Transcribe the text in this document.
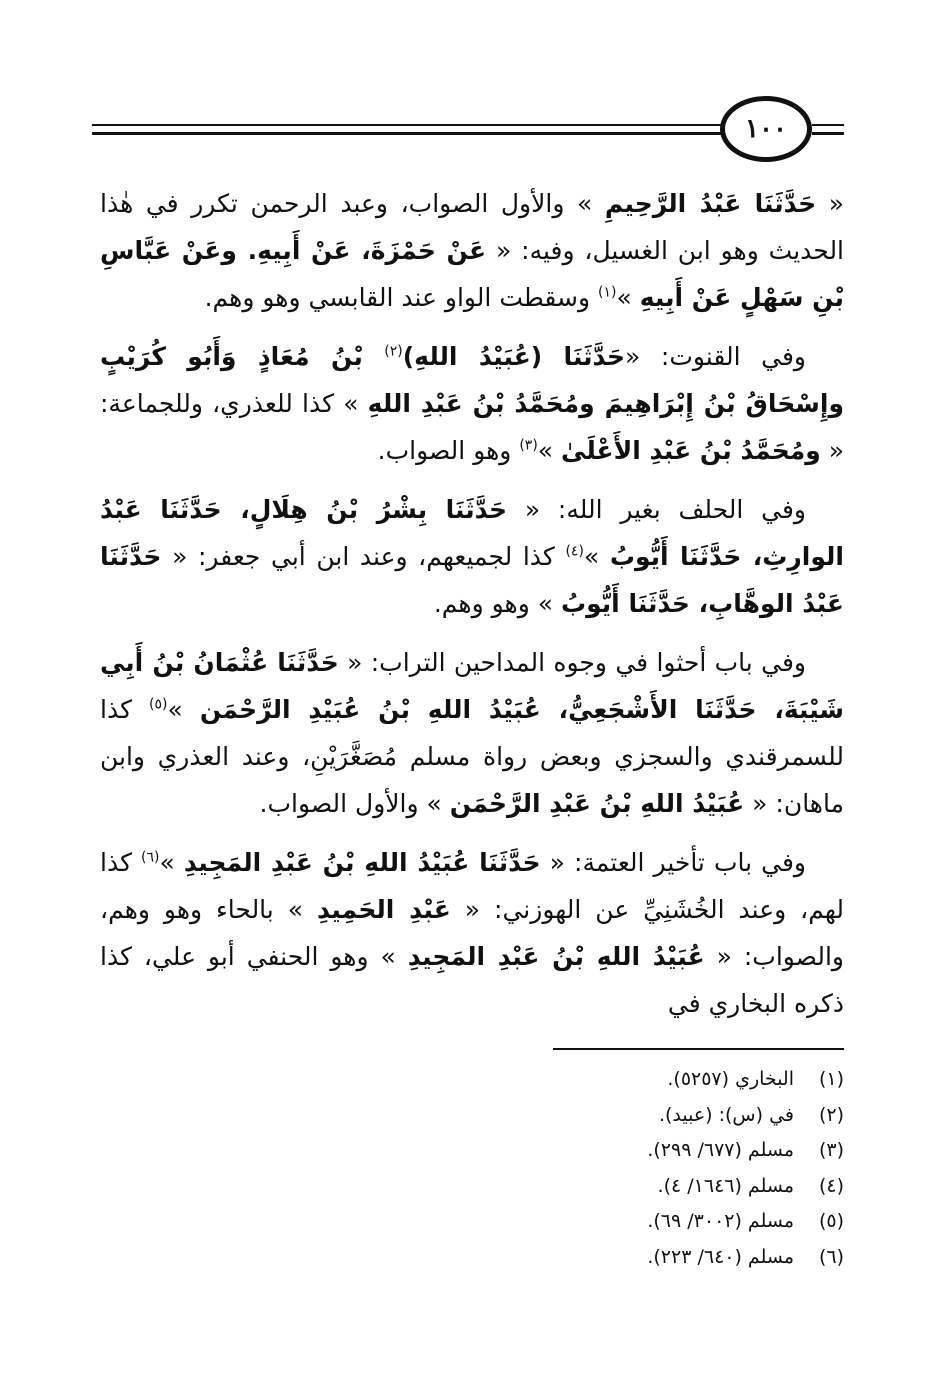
١٠٠

« حَدَّثَنَا عَبْدُ الرَّحِيمِ » والأول الصواب، وعبد الرحمن تكرر في هٰذا الحديث وهو ابن الغسيل، وفيه: « عَنْ حَمْزَةَ، عَنْ أَبِيهِ. وعَنْ عَبَّاسِ بْنِ سَهْلٍ عَنْ أَبِيهِ »$^{(١)}$ وسقطت الواو عند القابسي وهو وهم.

وفي القنوت: «حَدَّثَنَا (عُبَيْدُ اللهِ)$^{(٢)}$ بْنُ مُعَاذٍ وَأَبُو كُرَيْبٍ وإِسْحَاقُ بْنُ إِبْرَاهِيمَ ومُحَمَّدُ بْنُ عَبْدِ اللهِ » كذا للعذري، وللجماعة: « ومُحَمَّدُ بْنُ عَبْدِ الأَعْلَىٰ »$^{(٣)}$ وهو الصواب.

وفي الحلف بغير الله: « حَدَّثَنَا بِشْرُ بْنُ هِلَالٍ، حَدَّثَنَا عَبْدُ الوارِثِ، حَدَّثَنَا أَيُّوبُ »$^{(٤)}$ كذا لجميعهم، وعند ابن أبي جعفر: « حَدَّثَنَا عَبْدُ الوهَّابِ، حَدَّثَنَا أَيُّوبُ » وهو وهم.

وفي باب أحثوا في وجوه المداحين التراب: « حَدَّثَنَا عُثْمَانُ بْنُ أَبِي شَيْبَةَ، حَدَّثَنَا الأَشْجَعِيُّ، عُبَيْدُ اللهِ بْنُ عُبَيْدِ الرَّحْمَن »$^{(٥)}$ كذا للسمرقندي والسجزي وبعض رواة مسلم مُصَغَّرَيْنِ، وعند العذري وابن ماهان: « عُبَيْدُ اللهِ بْنُ عَبْدِ الرَّحْمَن » والأول الصواب.

وفي باب تأخير العتمة: « حَدَّثَنَا عُبَيْدُ اللهِ بْنُ عَبْدِ المَجِيدِ »$^{(٦)}$ كذا لهم، وعند الخُشَنِيِّ عن الهوزني: « عَبْدِ الحَمِيدِ » بالحاء وهو وهم، والصواب: « عُبَيْدُ اللهِ بْنُ عَبْدِ المَجِيدِ » وهو الحنفي أبو علي، كذا ذكره البخاري في

(١)
البخاري (٥٢٥٧).
(٢)
في (س): (عبيد).
(٣)
مسلم (٦٧٧/ ٢٩٩).
(٤)
مسلم (١٦٤٦/ ٤).
(٥)
مسلم (٣٠٠٢/ ٦٩).
(٦)
مسلم (٦٤٠/ ٢٢٣).
